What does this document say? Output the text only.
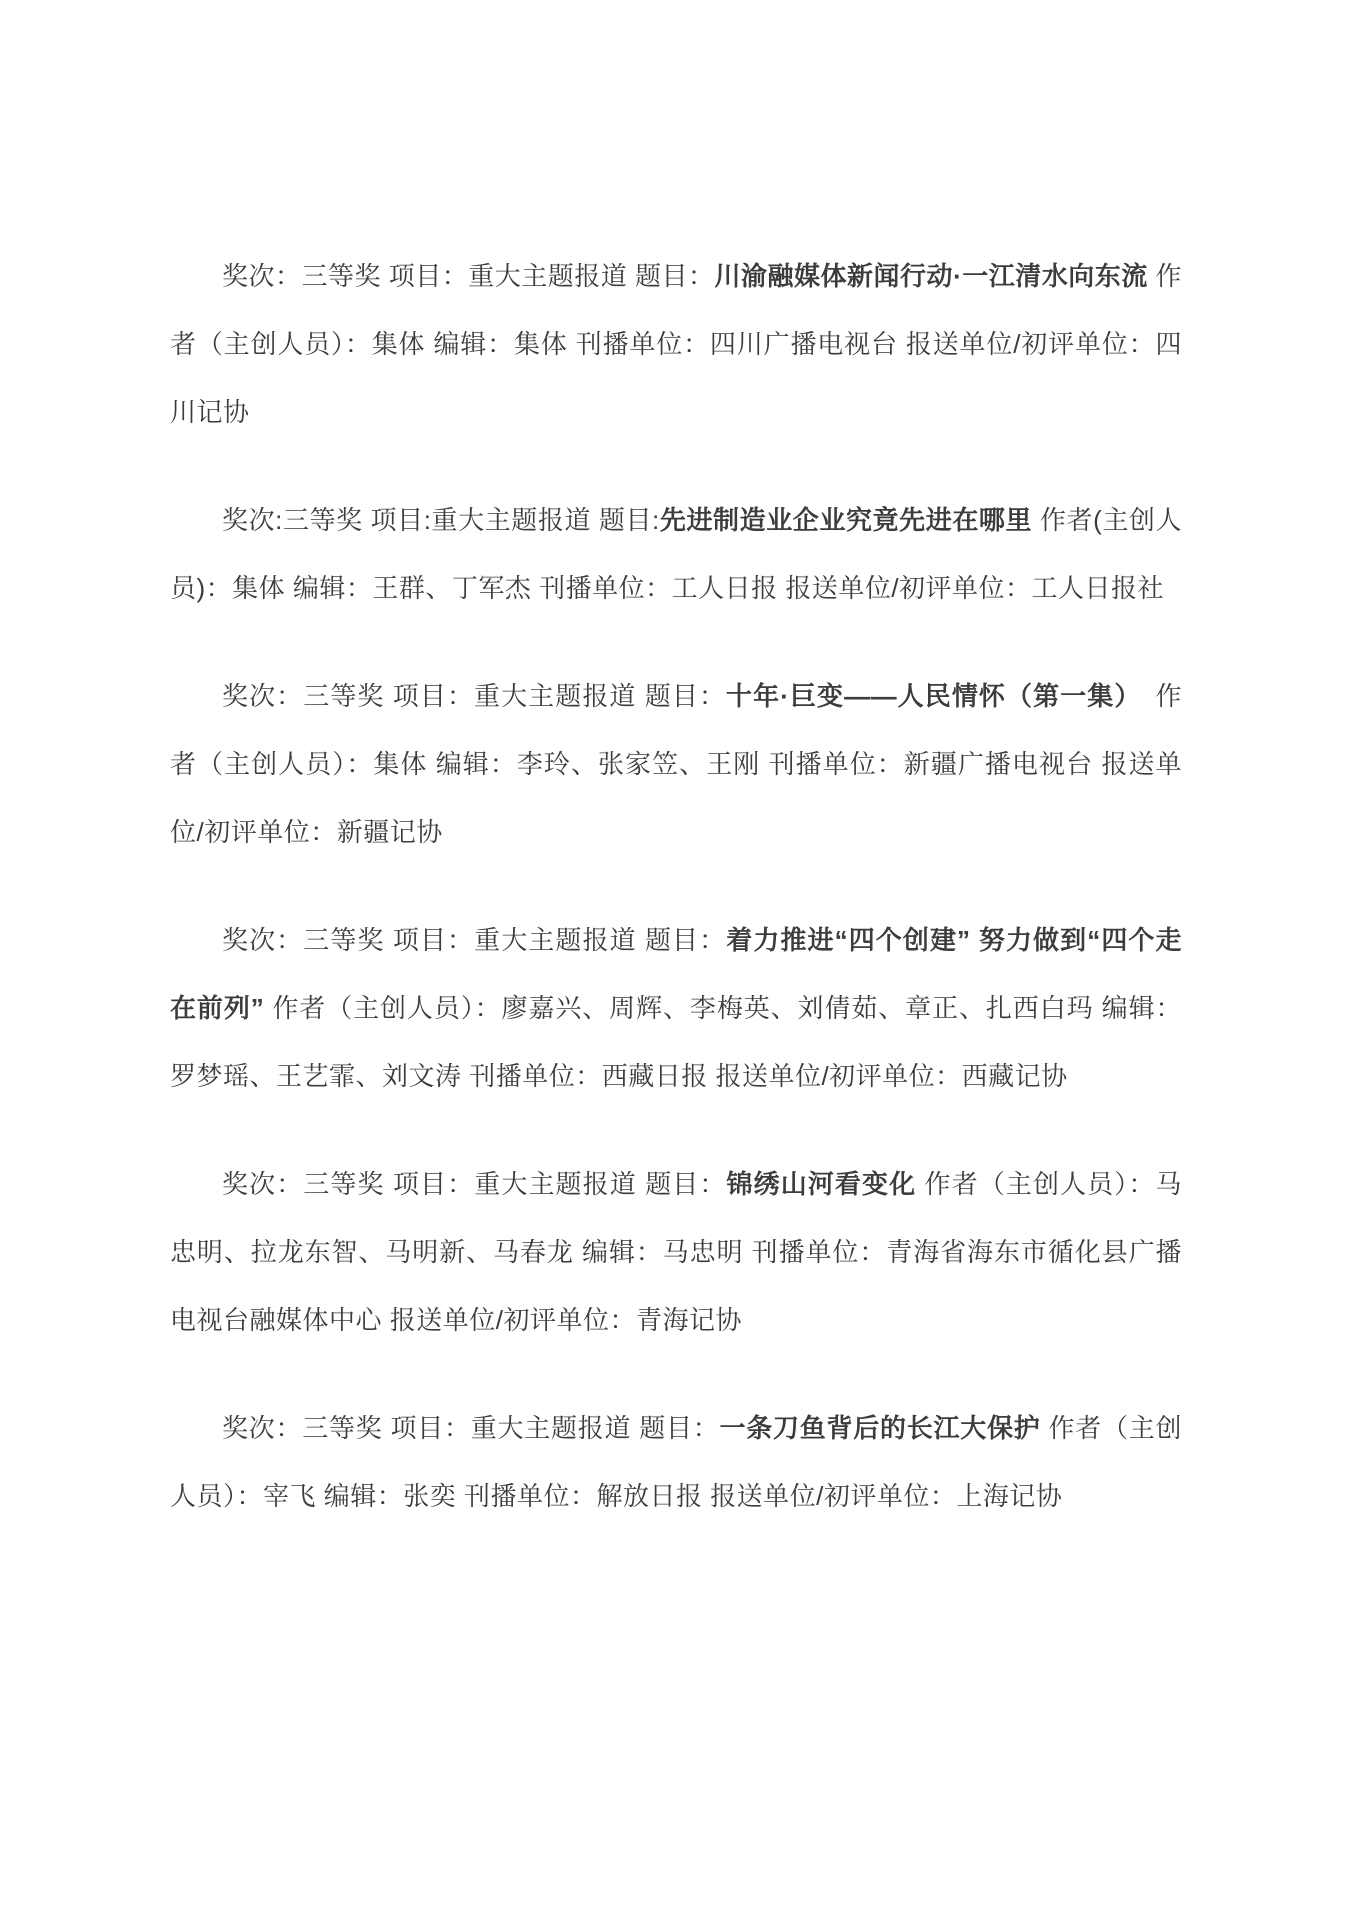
奖次：三等奖 项目：重大主题报道 题目：川渝融媒体新闻行动·一江清水向东流 作者（主创人员）：集体 编辑：集体 刊播单位：四川广播电视台 报送单位/初评单位：四川记协

奖次:三等奖 项目:重大主题报道 题目:先进制造业企业究竟先进在哪里 作者(主创人员)：集体 编辑：王群、丁军杰 刊播单位：工人日报 报送单位/初评单位：工人日报社

奖次：三等奖 项目：重大主题报道 题目：十年·巨变——人民情怀（第一集）　作者（主创人员）：集体 编辑：李玲、张家笠、王刚 刊播单位：新疆广播电视台 报送单位/初评单位：新疆记协

奖次：三等奖 项目：重大主题报道 题目：着力推进“四个创建” 努力做到“四个走在前列” 作者（主创人员）：廖嘉兴、周辉、李梅英、刘倩茹、章正、扎西白玛 编辑：罗梦瑶、王艺霏、刘文涛 刊播单位：西藏日报 报送单位/初评单位：西藏记协

奖次：三等奖 项目：重大主题报道 题目：锦绣山河看变化 作者（主创人员）：马忠明、拉龙东智、马明新、马春龙 编辑：马忠明 刊播单位：青海省海东市循化县广播电视台融媒体中心 报送单位/初评单位：青海记协

奖次：三等奖 项目：重大主题报道 题目：一条刀鱼背后的长江大保护 作者（主创人员）：宰飞 编辑：张奕 刊播单位：解放日报 报送单位/初评单位：上海记协
